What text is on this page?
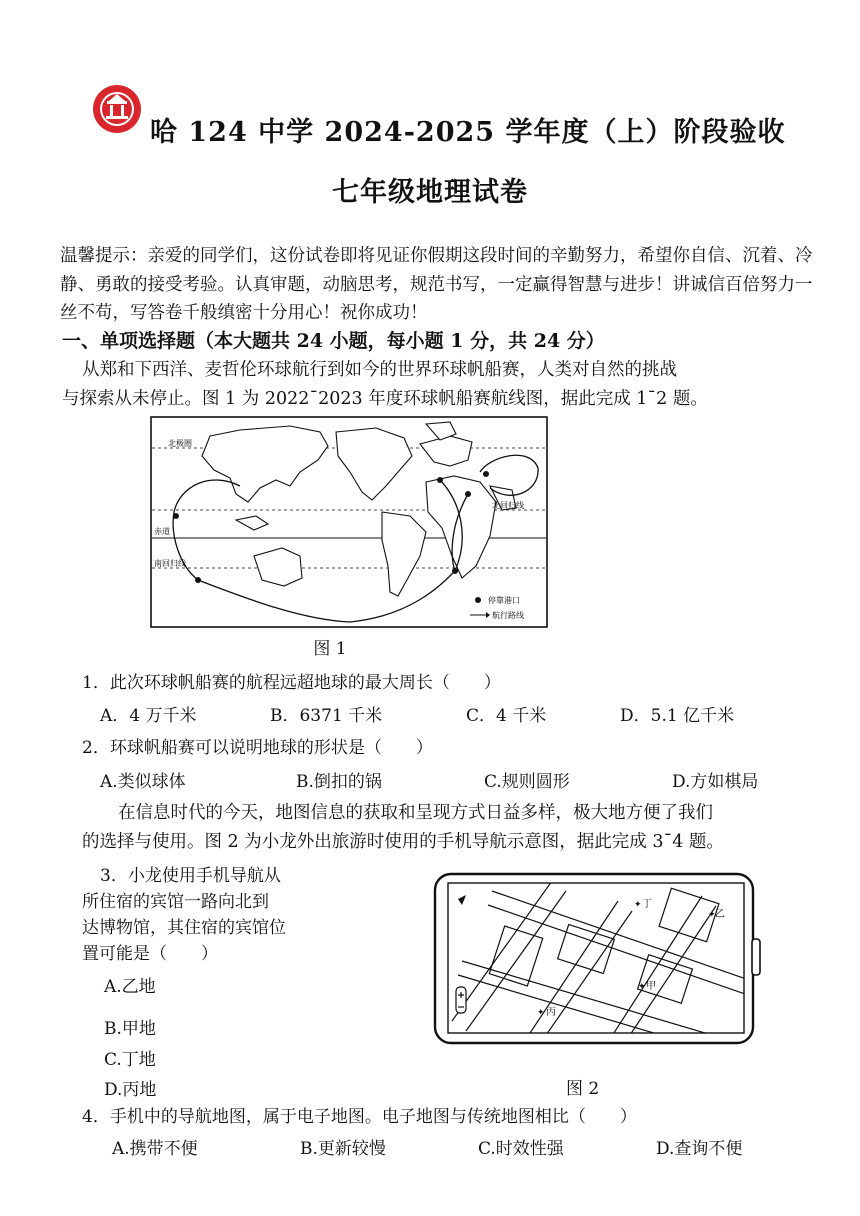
哈 124 中学 2024-2025 学年度（上）阶段验收
七年级地理试卷
温馨提示：亲爱的同学们，这份试卷即将见证你假期这段时间的辛勤努力，希望你自信、沉着、冷静、勇敢的接受考验。认真审题，动脑思考，规范书写，一定赢得智慧与进步！讲诚信百倍努力一丝不苟，写答卷千般缜密十分用心！祝你成功！
一、单项选择题（本大题共 24 小题，每小题 1 分，共 24 分）
从郑和下西洋、麦哲伦环球航行到如今的世界环球帆船赛，人类对自然的挑战
与探索从未停止。图 1 为 2022¯2023 年度环球帆船赛航线图，据此完成 1¯2 题。
北极圈
赤道
南回归线
北回归线
停靠港口
航行路线
图 1
1．此次环球帆船赛的航程远超地球的最大周长（　　）
A．4 万千米	B．6371 千米	C．4 千米	D．5.1 亿千米
2．环球帆船赛可以说明地球的形状是（　　）
A.类似球体	B.倒扣的锅	C.规则圆形	D.方如棋局
在信息时代的今天，地图信息的获取和呈现方式日益多样，极大地方便了我们
的选择与使用。图 2 为小龙外出旅游时使用的手机导航示意图，据此完成 3¯4 题。
3．小龙使用手机导航从
所住宿的宾馆一路向北到
达博物馆，其住宿的宾馆位
置可能是（　　）
A.乙地
B.甲地
C.丁地
D.丙地
丁
乙
甲
丙
✦
✦
✦
✦
图 2
4．手机中的导航地图，属于电子地图。电子地图与传统地图相比（　　）
A.携带不便	B.更新较慢	C.时效性强	D.查询不便
